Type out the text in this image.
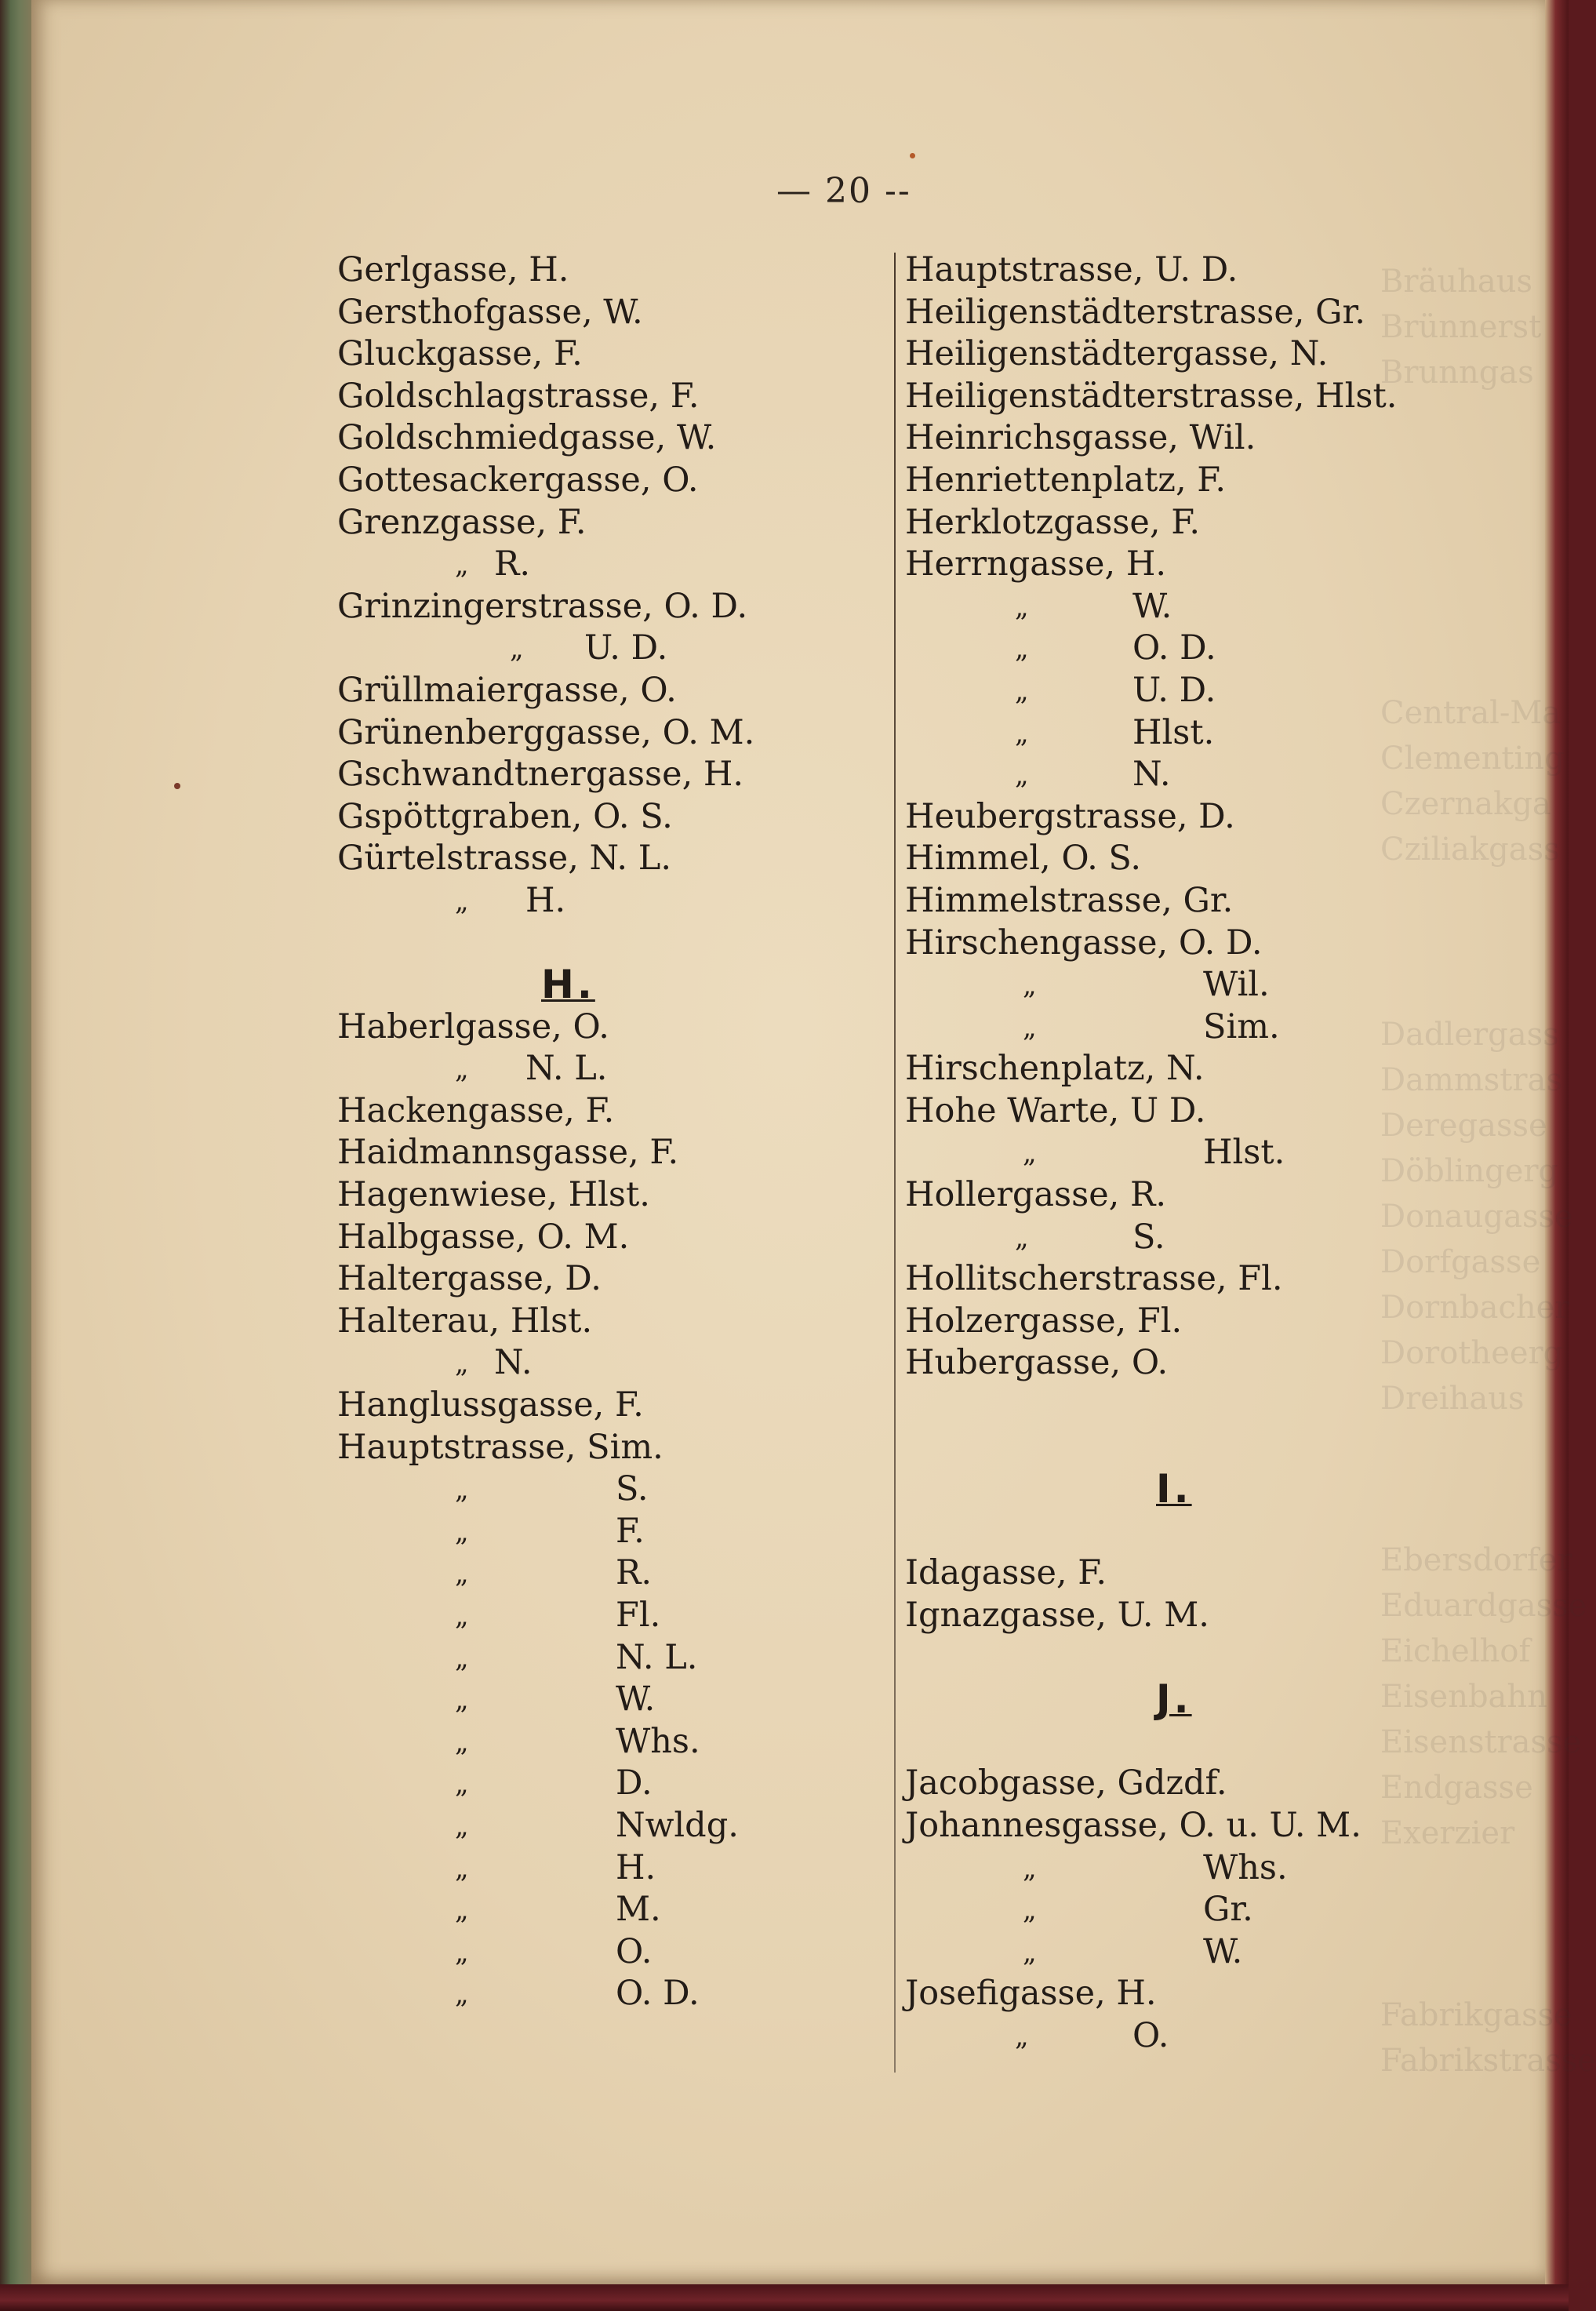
Bräuhaus
Brünnerst
Brunngas
Central-Ma
Clementing
Czernakga
Cziliakgass
Dadlergass
Dammstras
Deregasse
Döblingerg
Donaugasse
Dorfgasse
Dornbacher
Dorotheerg
Dreihaus
Ebersdorfer
Eduardgasse
Eichelhof
Eisenbahn
Eisenstrasse
Endgasse
Exerzier
Fabrikgasse
Fabrikstrasse
— 20 --
Gerlgasse, H.
Gersthofgasse, W.
Gluckgasse, F.
Goldschlagstrasse, F.
Goldschmiedgasse, W.
Gottesackergasse, O.
Grenzgasse, F.
„ R.
Grinzingerstrasse, O. D.
„ U. D.
Grüllmaiergasse, O.
Grünenberggasse, O. M.
Gschwandtnergasse, H.
Gspöttgraben, O. S.
Gürtelstrasse, N. L.
„ H.
H.
Haberlgasse, O.
„ N. L.
Hackengasse, F.
Haidmannsgasse, F.
Hagenwiese, Hlst.
Halbgasse, O. M.
Haltergasse, D.
Halterau, Hlst.
„ N.
Hanglussgasse, F.
Hauptstrasse, Sim.
„	S.
„	F.
„	R.
„	Fl.
„	N. L.
„	W.
„	Whs.
„	D.
„	Nwldg.
„	H.
„	M.
„	O.
„	O. D.
Hauptstrasse, U. D.
Heiligenstädterstrasse, Gr.
Heiligenstädtergasse, N.
Heiligenstädterstrasse, Hlst.
Heinrichsgasse, Wil.
Henriettenplatz, F.
Herklotzgasse, F.
Herrngasse, H.
„	W.
„	O. D.
„	U. D.
„	Hlst.
„	N.
Heubergstrasse, D.
Himmel, O. S.
Himmelstrasse, Gr.
Hirschengasse, O. D.
„	Wil.
„	Sim.
Hirschenplatz, N.
Hohe Warte, U D.
„	Hlst.
Hollergasse, R.
„	S.
Hollitscherstrasse, Fl.
Holzergasse, Fl.
Hubergasse, O.
I.
Idagasse, F.
Ignazgasse, U. M.
J.
Jacobgasse, Gdzdf.
Johannesgasse, O. u. U. M.
„	Whs.
„	Gr.
„	W.
Josefigasse, H.
„	O.
